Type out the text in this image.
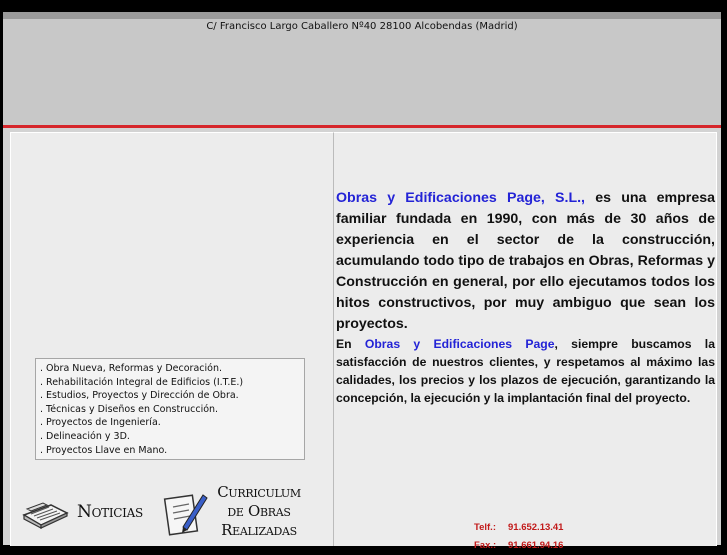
C/ Francisco Largo Caballero Nº40 28100 Alcobendas (Madrid)
. Obra Nueva, Reformas y Decoración.
. Rehabilitación Integral de Edificios (I.T.E.)
. Estudios, Proyectos y Dirección de Obra.
. Técnicas y Diseños en Construcción.
. Proyectos de Ingeniería.
. Delineación y 3D.
. Proyectos Llave en Mano.
Noticias
Curriculum
de Obras
Realizadas
Obras y Edificaciones Page, S.L., es una empresa familiar fundada en 1990, con más de 30 años de experiencia en el sector de la construcción, acumulando todo tipo de trabajos en Obras, Reformas y Construcción en general, por ello ejecutamos todos los hitos constructivos, por muy ambiguo que sean los proyectos.
En Obras y Edificaciones Page, siempre buscamos la satisfacción de nuestros clientes, y respetamos al máximo las calidades, los precios y los plazos de ejecución, garantizando la concepción, la ejecución y la implantación final del proyecto.
Telf.: 91.652.13.41
Fax.: 91.661.94.16
